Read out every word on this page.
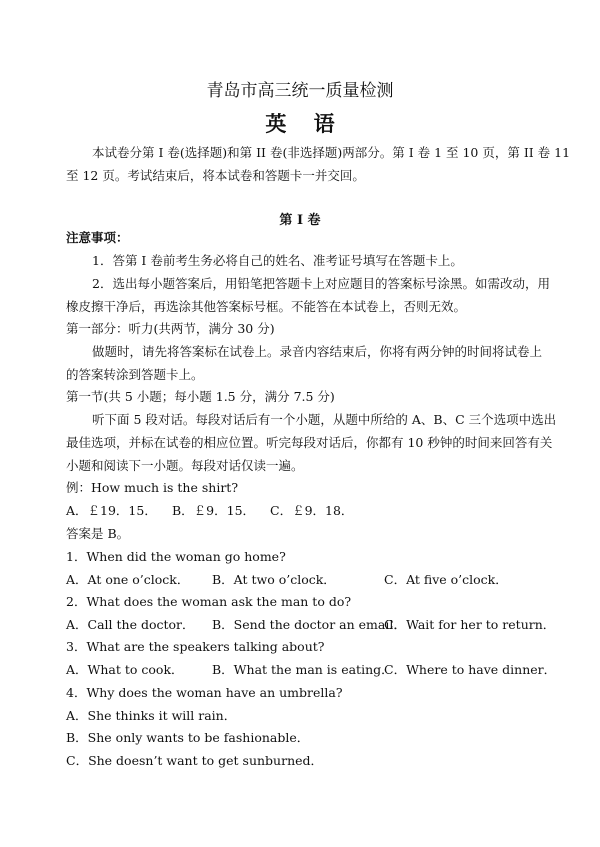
青岛市高三统一质量检测
英 语
本试卷分第 I 卷(选择题)和第 II 卷(非选择题)两部分。第 I 卷 1 至 10 页，第 II 卷 11
至 12 页。考试结束后，将本试卷和答题卡一并交回。
第 I 卷
注意事项：
1．答第 I 卷前考生务必将自己的姓名、准考证号填写在答题卡上。
2．选出每小题答案后，用铅笔把答题卡上对应题目的答案标号涂黑。如需改动，用
橡皮擦干净后，再选涂其他答案标号框。不能答在本试卷上，否则无效。
第一部分：听力(共两节，满分 30 分)
做题时，请先将答案标在试卷上。录音内容结束后，你将有两分钟的时间将试卷上
的答案转涂到答题卡上。
第一节(共 5 小题；每小题 1.5 分，满分 7.5 分)
听下面 5 段对话。每段对话后有一个小题，从题中所给的 A、B、C 三个选项中选出
最佳选项，并标在试卷的相应位置。听完每段对话后，你都有 10 秒钟的时间来回答有关
小题和阅读下一小题。每段对话仅读一遍。
例：How much is the shirt?
A．￡19．15． B．￡9．15． C．￡9．18．
答案是 B。
1．When did the woman go home?
A．At one o’clock． B．At two o’clock．	C．At five o’clock．
2．What does the woman ask the man to do?
A．Call the doctor． B．Send the doctor an email．
C．Wait for her to return．
3．What are the speakers talking about?
A．What to cook． B．What the man is eating．
C．Where to have dinner．
4．Why does the woman have an umbrella?
A．She thinks it will rain．
B．She only wants to be fashionable．
C．She doesn’t want to get sunburned．
